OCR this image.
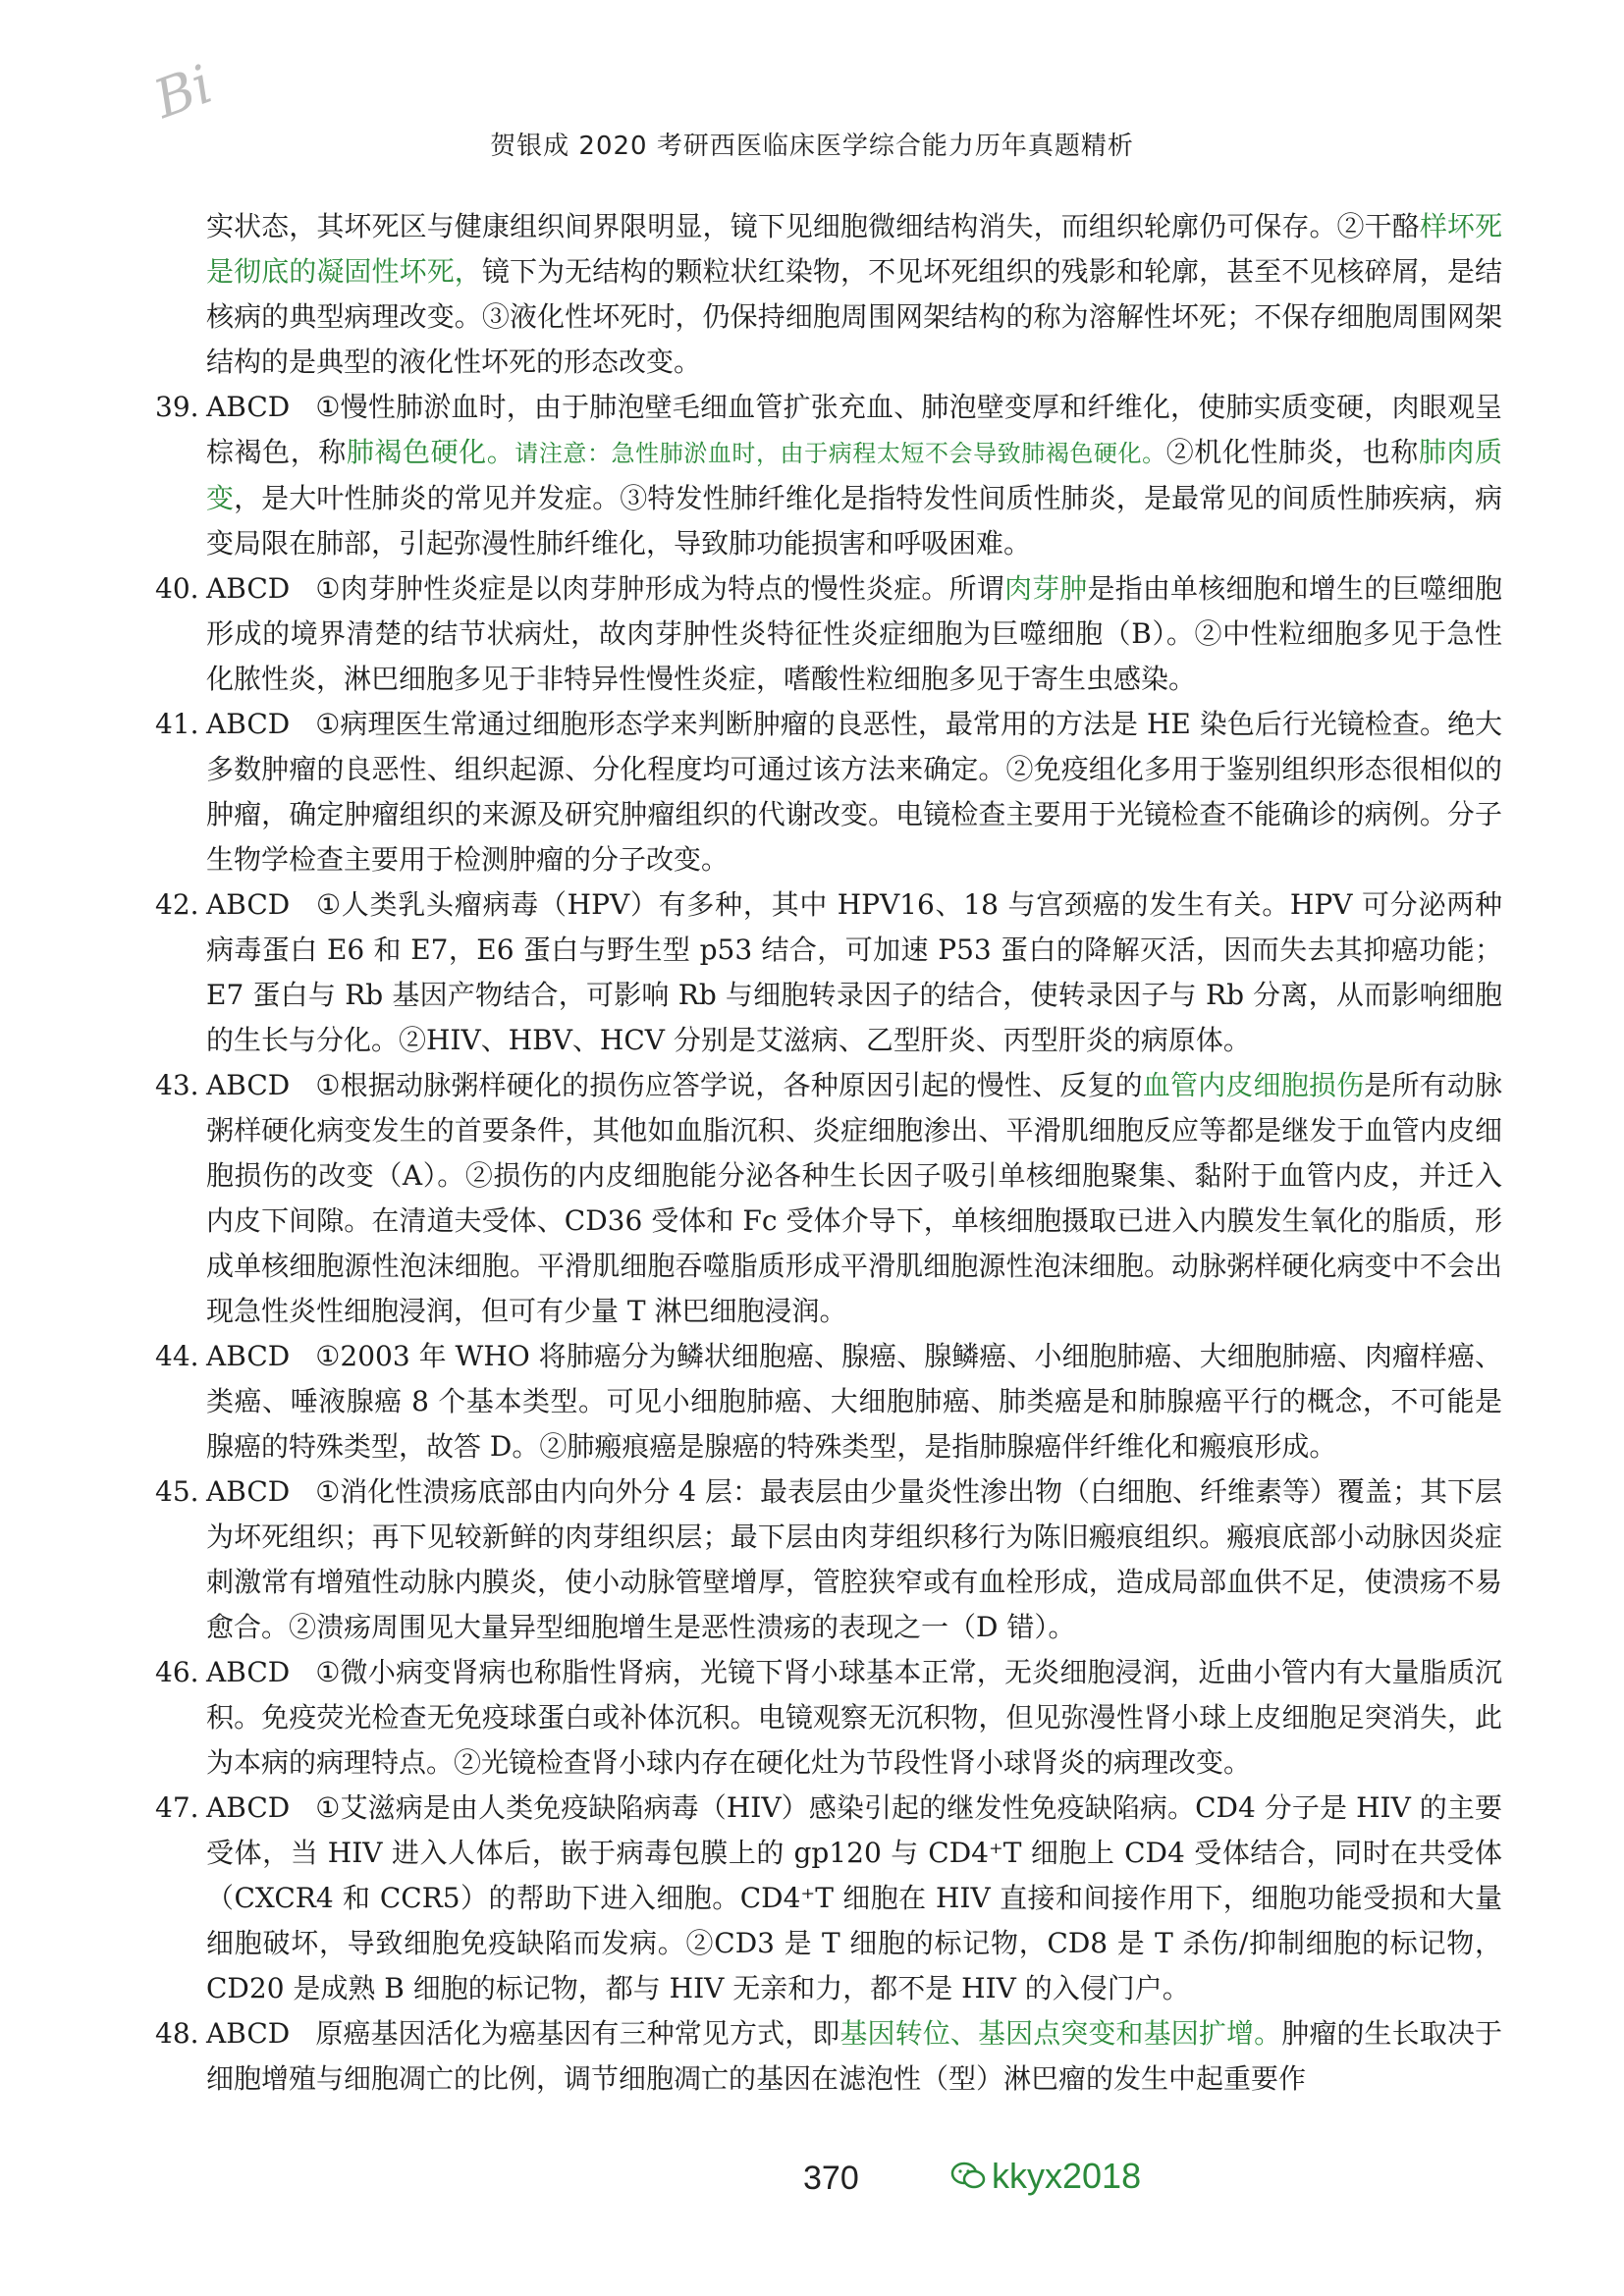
Bi
贺银成 2020 考研西医临床医学综合能力历年真题精析

实状态，其坏死区与健康组织间界限明显，镜下见细胞微细结构消失，而组织轮廓仍可保存。②干酪样坏死是彻底的凝固性坏死，镜下为无结构的颗粒状红染物，不见坏死组织的残影和轮廓，甚至不见核碎屑，是结核病的典型病理改变。③液化性坏死时，仍保持细胞周围网架结构的称为溶解性坏死；不保存细胞周围网架结构的是典型的液化性坏死的形态改变。

39. ABCD ①慢性肺淤血时，由于肺泡壁毛细血管扩张充血、肺泡壁变厚和纤维化，使肺实质变硬，肉眼观呈棕褐色，称肺褐色硬化。请注意：急性肺淤血时，由于病程太短不会导致肺褐色硬化。②机化性肺炎，也称肺肉质变，是大叶性肺炎的常见并发症。③特发性肺纤维化是指特发性间质性肺炎，是最常见的间质性肺疾病，病变局限在肺部，引起弥漫性肺纤维化，导致肺功能损害和呼吸困难。
40. ABCD ①肉芽肿性炎症是以肉芽肿形成为特点的慢性炎症。所谓肉芽肿是指由单核细胞和增生的巨噬细胞形成的境界清楚的结节状病灶，故肉芽肿性炎特征性炎症细胞为巨噬细胞（B）。②中性粒细胞多见于急性化脓性炎，淋巴细胞多见于非特异性慢性炎症，嗜酸性粒细胞多见于寄生虫感染。
41. ABCD ①病理医生常通过细胞形态学来判断肿瘤的良恶性，最常用的方法是 HE 染色后行光镜检查。绝大多数肿瘤的良恶性、组织起源、分化程度均可通过该方法来确定。②免疫组化多用于鉴别组织形态很相似的肿瘤，确定肿瘤组织的来源及研究肿瘤组织的代谢改变。电镜检查主要用于光镜检查不能确诊的病例。分子生物学检查主要用于检测肿瘤的分子改变。
42. ABCD ①人类乳头瘤病毒（HPV）有多种，其中 HPV16、18 与宫颈癌的发生有关。HPV 可分泌两种病毒蛋白 E6 和 E7，E6 蛋白与野生型 p53 结合，可加速 P53 蛋白的降解灭活，因而失去其抑癌功能；E7 蛋白与 Rb 基因产物结合，可影响 Rb 与细胞转录因子的结合，使转录因子与 Rb 分离，从而影响细胞的生长与分化。②HIV、HBV、HCV 分别是艾滋病、乙型肝炎、丙型肝炎的病原体。
43. ABCD ①根据动脉粥样硬化的损伤应答学说，各种原因引起的慢性、反复的血管内皮细胞损伤是所有动脉粥样硬化病变发生的首要条件，其他如血脂沉积、炎症细胞渗出、平滑肌细胞反应等都是继发于血管内皮细胞损伤的改变（A）。②损伤的内皮细胞能分泌各种生长因子吸引单核细胞聚集、黏附于血管内皮，并迁入内皮下间隙。在清道夫受体、CD36 受体和 Fc 受体介导下，单核细胞摄取已进入内膜发生氧化的脂质，形成单核细胞源性泡沫细胞。平滑肌细胞吞噬脂质形成平滑肌细胞源性泡沫细胞。动脉粥样硬化病变中不会出现急性炎性细胞浸润，但可有少量 T 淋巴细胞浸润。
44. ABCD ①2003 年 WHO 将肺癌分为鳞状细胞癌、腺癌、腺鳞癌、小细胞肺癌、大细胞肺癌、肉瘤样癌、类癌、唾液腺癌 8 个基本类型。可见小细胞肺癌、大细胞肺癌、肺类癌是和肺腺癌平行的概念，不可能是腺癌的特殊类型，故答 D。②肺瘢痕癌是腺癌的特殊类型，是指肺腺癌伴纤维化和瘢痕形成。
45. ABCD ①消化性溃疡底部由内向外分 4 层：最表层由少量炎性渗出物（白细胞、纤维素等）覆盖；其下层为坏死组织；再下见较新鲜的肉芽组织层；最下层由肉芽组织移行为陈旧瘢痕组织。瘢痕底部小动脉因炎症刺激常有增殖性动脉内膜炎，使小动脉管壁增厚，管腔狭窄或有血栓形成，造成局部血供不足，使溃疡不易愈合。②溃疡周围见大量异型细胞增生是恶性溃疡的表现之一（D 错）。
46. ABCD ①微小病变肾病也称脂性肾病，光镜下肾小球基本正常，无炎细胞浸润，近曲小管内有大量脂质沉积。免疫荧光检查无免疫球蛋白或补体沉积。电镜观察无沉积物，但见弥漫性肾小球上皮细胞足突消失，此为本病的病理特点。②光镜检查肾小球内存在硬化灶为节段性肾小球肾炎的病理改变。
47. ABCD ①艾滋病是由人类免疫缺陷病毒（HIV）感染引起的继发性免疫缺陷病。CD4 分子是 HIV 的主要受体，当 HIV 进入人体后，嵌于病毒包膜上的 gp120 与 CD4⁺T 细胞上 CD4 受体结合，同时在共受体（CXCR4 和 CCR5）的帮助下进入细胞。CD4⁺T 细胞在 HIV 直接和间接作用下，细胞功能受损和大量细胞破坏，导致细胞免疫缺陷而发病。②CD3 是 T 细胞的标记物，CD8 是 T 杀伤/抑制细胞的标记物，CD20 是成熟 B 细胞的标记物，都与 HIV 无亲和力，都不是 HIV 的入侵门户。
48. ABCD 原癌基因活化为癌基因有三种常见方式，即基因转位、基因点突变和基因扩增。肿瘤的生长取决于细胞增殖与细胞凋亡的比例，调节细胞凋亡的基因在滤泡性（型）淋巴瘤的发生中起重要作
370	kkyx2018
